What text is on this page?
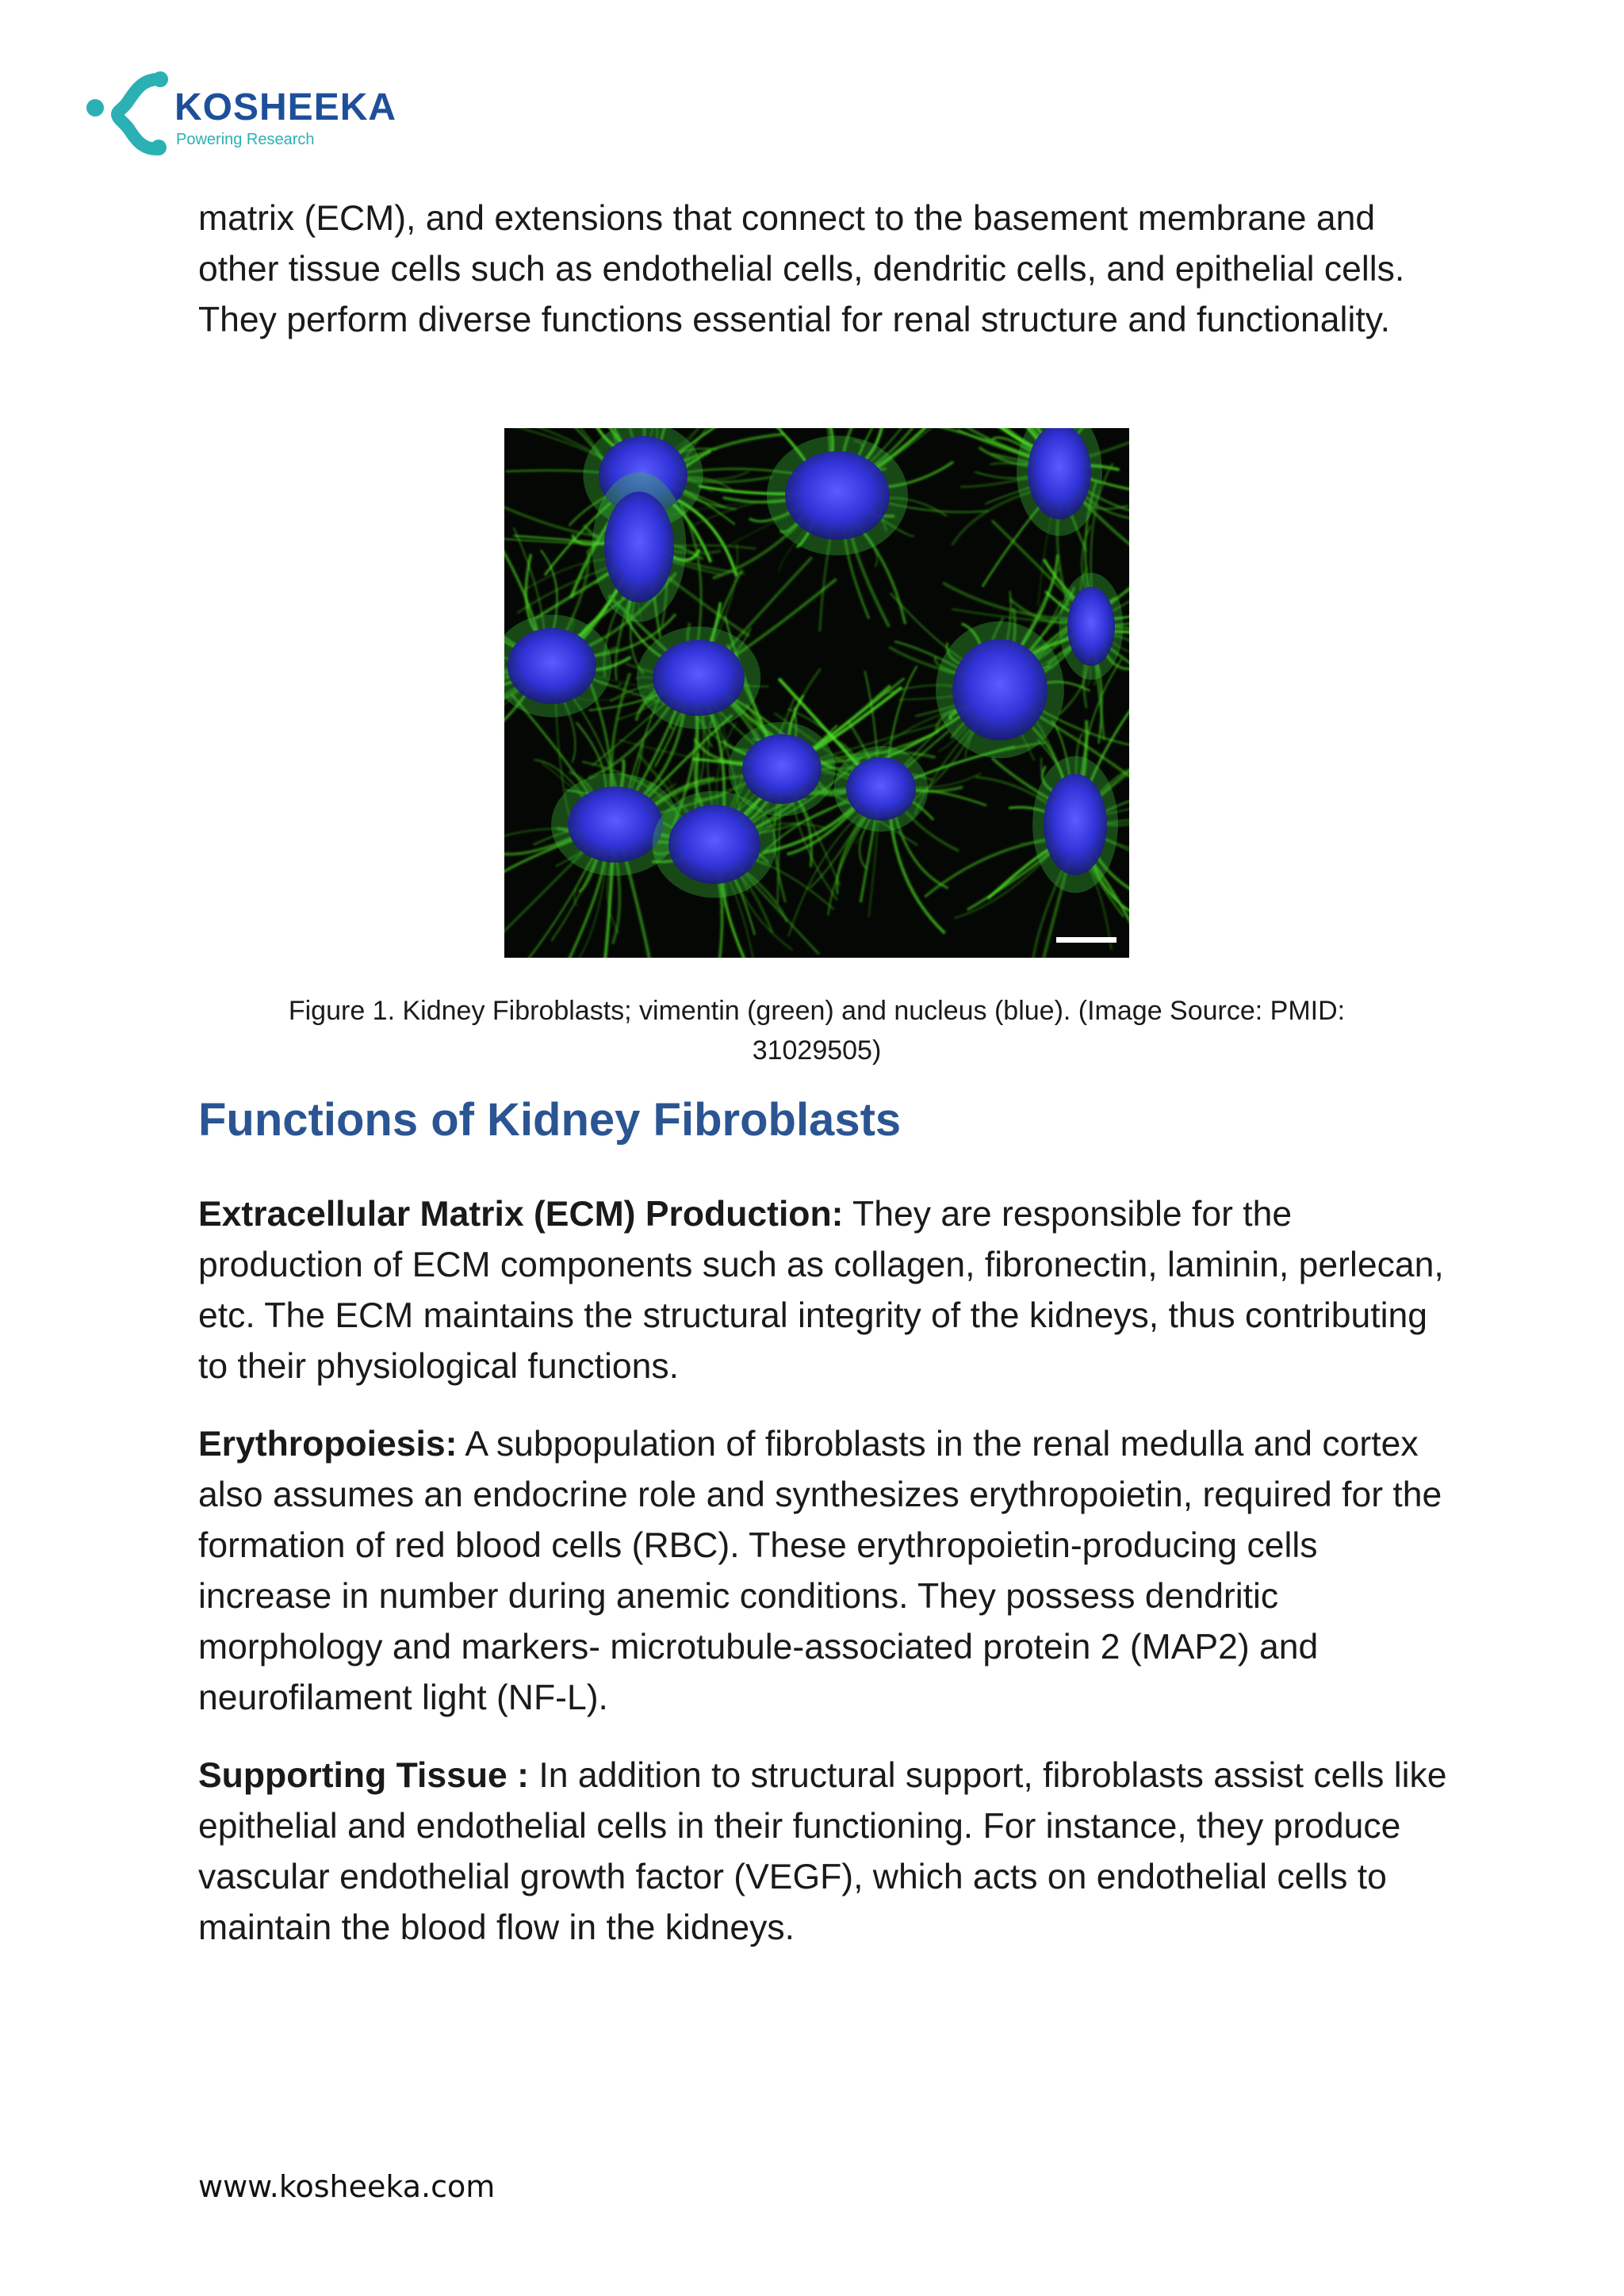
KOSHEEKA
Powering Research

matrix (ECM), and extensions that connect to the basement membrane and other tissue cells such as endothelial cells, dendritic cells, and epithelial cells. They perform diverse functions essential for renal structure and functionality.

Figure 1. Kidney Fibroblasts; vimentin (green) and nucleus (blue). (Image Source: PMID:
31029505)

Functions of Kidney Fibroblasts

Extracellular Matrix (ECM) Production: They are responsible for the production of ECM components such as collagen, fibronectin, laminin, perlecan, etc. The ECM maintains the structural integrity of the kidneys, thus contributing to their physiological functions.

Erythropoiesis: A subpopulation of fibroblasts in the renal medulla and cortex also assumes an endocrine role and synthesizes erythropoietin, required for the formation of red blood cells (RBC). These erythropoietin-producing cells increase in number during anemic conditions. They possess dendritic morphology and markers- microtubule-associated protein 2 (MAP2) and neurofilament light (NF-L).

Supporting Tissue : In addition to structural support, fibroblasts assist cells like epithelial and endothelial cells in their functioning. For instance, they produce vascular endothelial growth factor (VEGF), which acts on endothelial cells to maintain the blood flow in the kidneys.

www.kosheeka.com
